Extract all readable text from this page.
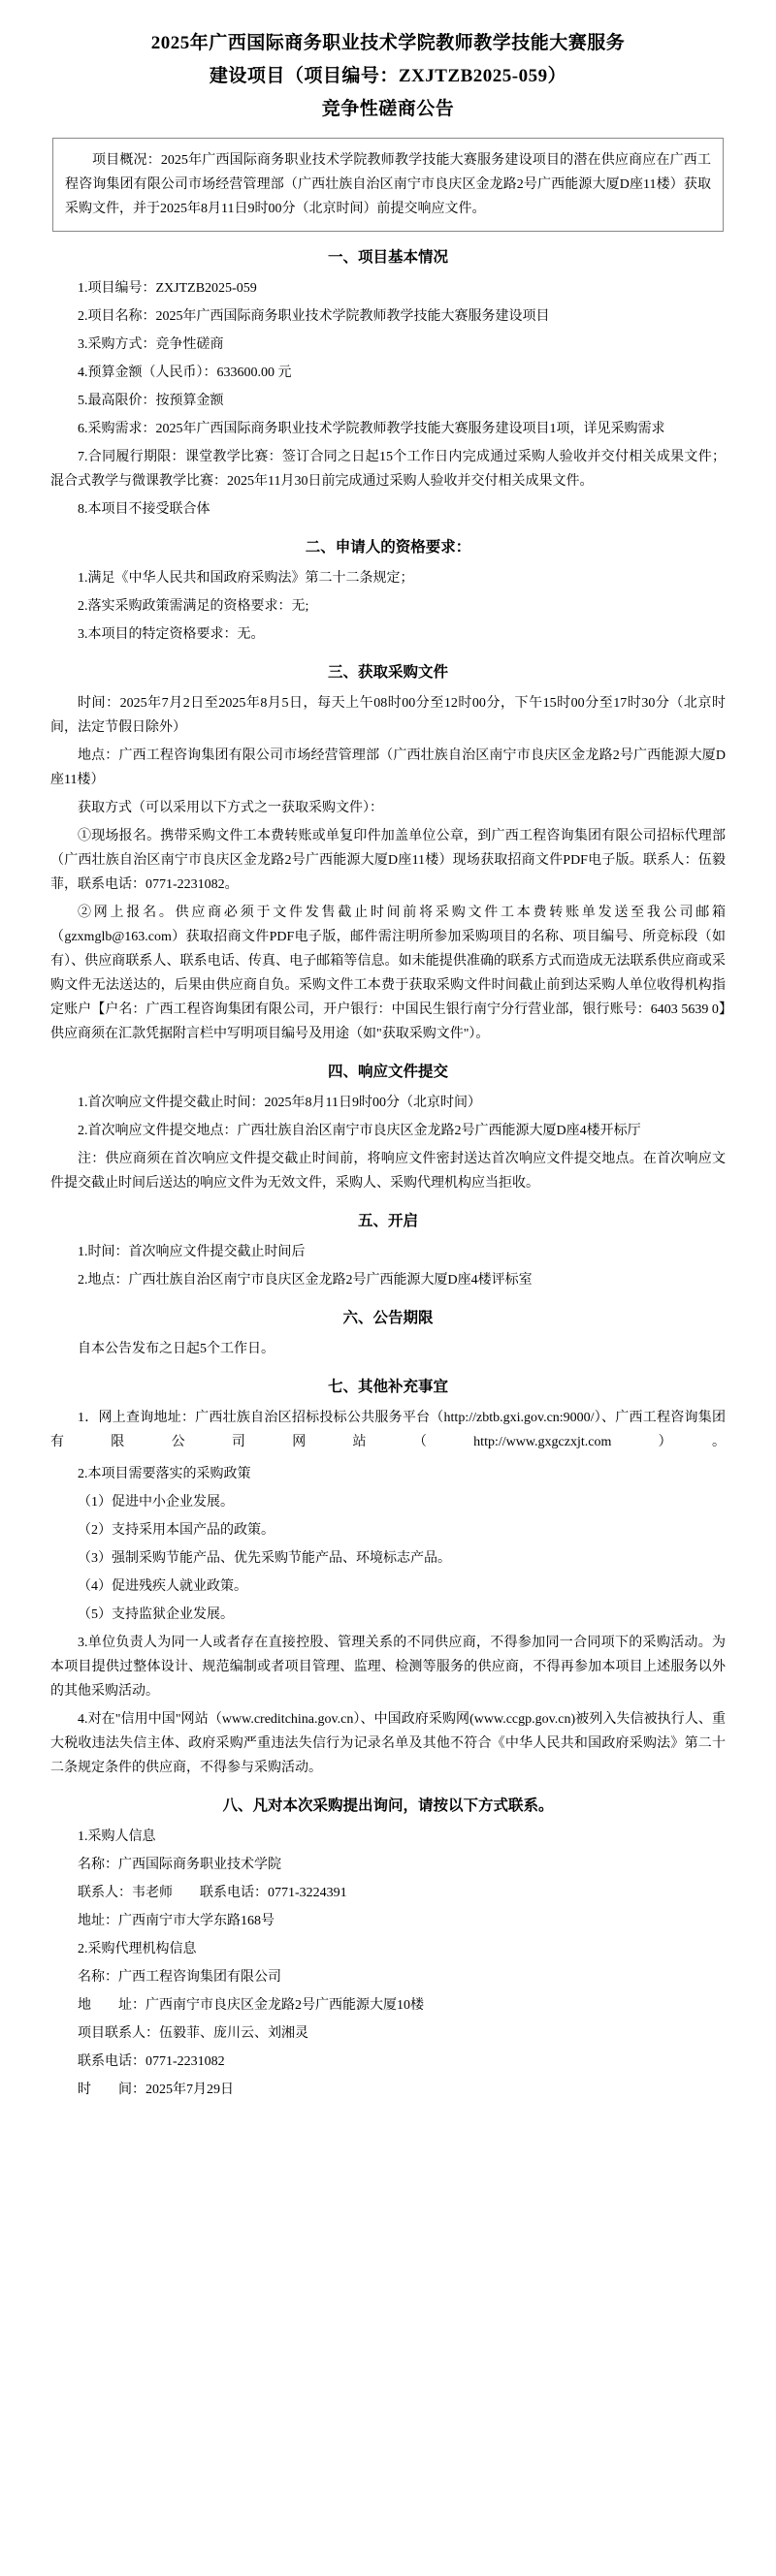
2025年广西国际商务职业技术学院教师教学技能大赛服务
建设项目（项目编号：ZXJTZB2025-059）
竞争性磋商公告

项目概况：2025年广西国际商务职业技术学院教师教学技能大赛服务建设项目的潜在供应商应在广西工程咨询集团有限公司市场经营管理部（广西壮族自治区南宁市良庆区金龙路2号广西能源大厦D座11楼）获取采购文件，并于2025年8月11日9时00分（北京时间）前提交响应文件。

一、项目基本情况

1.项目编号：ZXJTZB2025-059

2.项目名称：2025年广西国际商务职业技术学院教师教学技能大赛服务建设项目

3.采购方式：竞争性磋商

4.预算金额（人民币）：633600.00 元

5.最高限价：按预算金额

6.采购需求：2025年广西国际商务职业技术学院教师教学技能大赛服务建设项目1项，详见采购需求

7.合同履行期限：课堂教学比赛：签订合同之日起15个工作日内完成通过采购人验收并交付相关成果文件；混合式教学与微课教学比赛：2025年11月30日前完成通过采购人验收并交付相关成果文件。

8.本项目不接受联合体

二、申请人的资格要求：

1.满足《中华人民共和国政府采购法》第二十二条规定；

2.落实采购政策需满足的资格要求：无;

3.本项目的特定资格要求：无。

三、获取采购文件

时间：2025年7月2日至2025年8月5日，每天上午08时00分至12时00分，下午15时00分至17时30分（北京时间，法定节假日除外）

地点：广西工程咨询集团有限公司市场经营管理部（广西壮族自治区南宁市良庆区金龙路2号广西能源大厦D座11楼）

获取方式（可以采用以下方式之一获取采购文件）：

①现场报名。携带采购文件工本费转账或单复印件加盖单位公章，到广西工程咨询集团有限公司招标代理部（广西壮族自治区南宁市良庆区金龙路2号广西能源大厦D座11楼）现场获取招商文件PDF电子版。联系人：伍毅菲，联系电话：0771-2231082。

②网上报名。供应商必须于文件发售截止时间前将采购文件工本费转账单发送至我公司邮箱（gzxmglb@163.com）获取招商文件PDF电子版，邮件需注明所参加采购项目的名称、项目编号、所竞标段（如有）、供应商联系人、联系电话、传真、电子邮箱等信息。如未能提供准确的联系方式而造成无法联系供应商或采购文件无法送达的，后果由供应商自负。采购文件工本费于获取采购文件时间截止前到达采购人单位收得机构指定账户【户名：广西工程咨询集团有限公司，开户银行：中国民生银行南宁分行营业部，银行账号：6403 5639 0】供应商须在汇款凭据附言栏中写明项目编号及用途（如"获取采购文件"）。

四、响应文件提交

1.首次响应文件提交截止时间：2025年8月11日9时00分（北京时间）

2.首次响应文件提交地点：广西壮族自治区南宁市良庆区金龙路2号广西能源大厦D座4楼开标厅

注：供应商须在首次响应文件提交截止时间前，将响应文件密封送达首次响应文件提交地点。在首次响应文件提交截止时间后送达的响应文件为无效文件，采购人、采购代理机构应当拒收。

五、开启

1.时间：首次响应文件提交截止时间后

2.地点：广西壮族自治区南宁市良庆区金龙路2号广西能源大厦D座4楼评标室

六、公告期限

自本公告发布之日起5个工作日。

七、其他补充事宜

1．网上查询地址：广西壮族自治区招标投标公共服务平台（http://zbtb.gxi.gov.cn:9000/）、广西工程咨询集团有限公司网站（http://www.gxgczxjt.com）。

2.本项目需要落实的采购政策

（1）促进中小企业发展。

（2）支持采用本国产品的政策。

（3）强制采购节能产品、优先采购节能产品、环境标志产品。

（4）促进残疾人就业政策。

（5）支持监狱企业发展。

3.单位负责人为同一人或者存在直接控股、管理关系的不同供应商，不得参加同一合同项下的采购活动。为本项目提供过整体设计、规范编制或者项目管理、监理、检测等服务的供应商，不得再参加本项目上述服务以外的其他采购活动。

4.对在"信用中国"网站（www.creditchina.gov.cn）、中国政府采购网(www.ccgp.gov.cn)被列入失信被执行人、重大税收违法失信主体、政府采购严重违法失信行为记录名单及其他不符合《中华人民共和国政府采购法》第二十二条规定条件的供应商，不得参与采购活动。

八、凡对本次采购提出询问，请按以下方式联系。

1.采购人信息

名称：广西国际商务职业技术学院

联系人：韦老师　　联系电话：0771-3224391

地址：广西南宁市大学东路168号

2.采购代理机构信息

名称：广西工程咨询集团有限公司

地　　址：广西南宁市良庆区金龙路2号广西能源大厦10楼

项目联系人：伍毅菲、庞川云、刘湘灵

联系电话：0771-2231082

时　　间：2025年7月29日
